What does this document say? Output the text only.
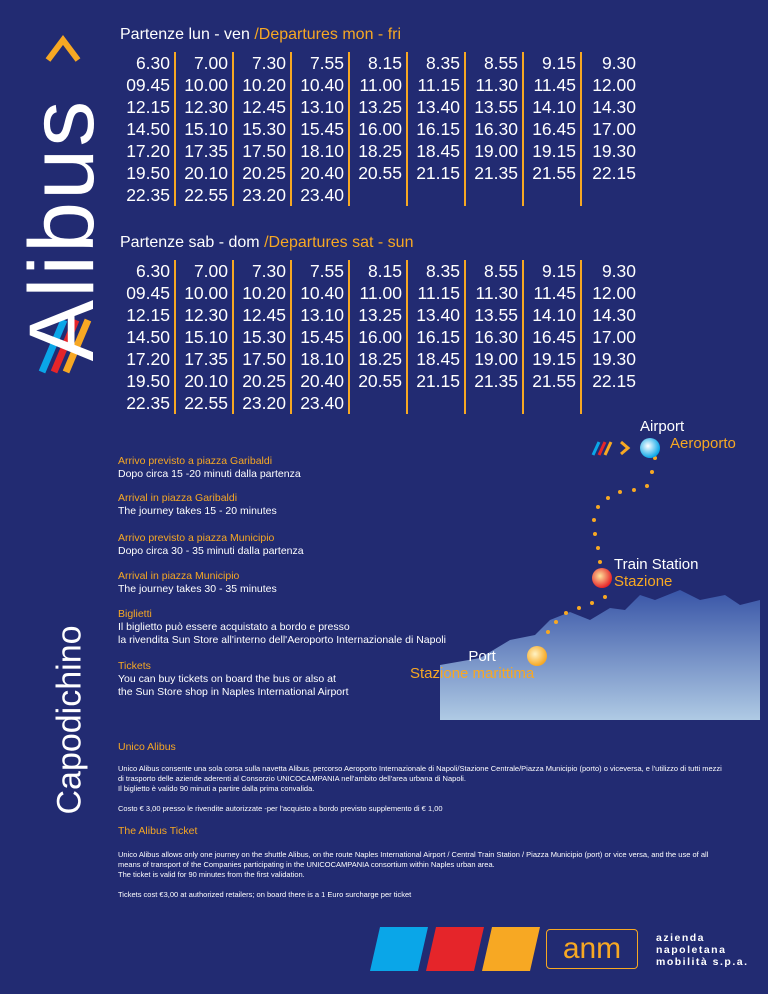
Alibus
Capodichino
Partenze lun - ven /Departures mon - fri
6.30
09.45
12.15
14.50
17.20
19.50
22.35
7.00
10.00
12.30
15.10
17.35
20.10
22.55
7.30
10.20
12.45
15.30
17.50
20.25
23.20
7.55
10.40
13.10
15.45
18.10
20.40
23.40
8.15
11.00
13.25
16.00
18.25
20.55
8.35
11.15
13.40
16.15
18.45
21.15
8.55
11.30
13.55
16.30
19.00
21.35
9.15
11.45
14.10
16.45
19.15
21.55
9.30
12.00
14.30
17.00
19.30
22.15
Partenze sab - dom /Departures sat - sun
6.30
09.45
12.15
14.50
17.20
19.50
22.35
7.00
10.00
12.30
15.10
17.35
20.10
22.55
7.30
10.20
12.45
15.30
17.50
20.25
23.20
7.55
10.40
13.10
15.45
18.10
20.40
23.40
8.15
11.00
13.25
16.00
18.25
20.55
8.35
11.15
13.40
16.15
18.45
21.15
8.55
11.30
13.55
16.30
19.00
21.35
9.15
11.45
14.10
16.45
19.15
21.55
9.30
12.00
14.30
17.00
19.30
22.15
Arrivo previsto a piazza Garibaldi
Dopo circa 15 -20 minuti dalla partenza
Arrival in piazza Garibaldi
The journey takes 15 - 20 minutes
Arrivo previsto a piazza Municipio
Dopo circa 30 - 35 minuti dalla partenza
Arrival in piazza Municipio
The journey takes 30 - 35 minutes
Biglietti
Il biglietto può essere acquistato a bordo e presso
la rivendita Sun Store all'interno dell'Aeroporto Internazionale di Napoli
Tickets
You can buy tickets on board the bus or also at
the Sun Store shop in Naples International Airport
Airport
Aeroporto
Train Station
Stazione
Port
Stazione marittima
Unico Alibus
Unico Alibus consente una sola corsa sulla navetta Alibus, percorso Aeroporto Internazionale di Napoli/Stazione Centrale/Piazza Municipio (porto) o viceversa, e l'utilizzo di tutti mezzi di trasporto delle aziende aderenti al Consorzio UNICOCAMPANIA nell'ambito dell'area urbana di Napoli.
Il biglietto è valido 90 minuti a partire dalla prima convalida.
Costo € 3,00 presso le rivendite autorizzate -per l'acquisto a bordo previsto supplemento di € 1,00
The Alibus Ticket
Unico Alibus allows only one journey on the shuttle Alibus, on the route Naples International Airport / Central Train Station / Piazza Municipio (port) or vice versa, and the use of all means of transport of the Companies participating in the UNICOCAMPANIA consortium within Naples urban area.
The ticket is valid for 90 minutes from the first validation.
Tickets cost €3,00 at authorized retailers; on board there is a 1 Euro surcharge per ticket
anm	azienda
napoletana
mobilità s.p.a.
